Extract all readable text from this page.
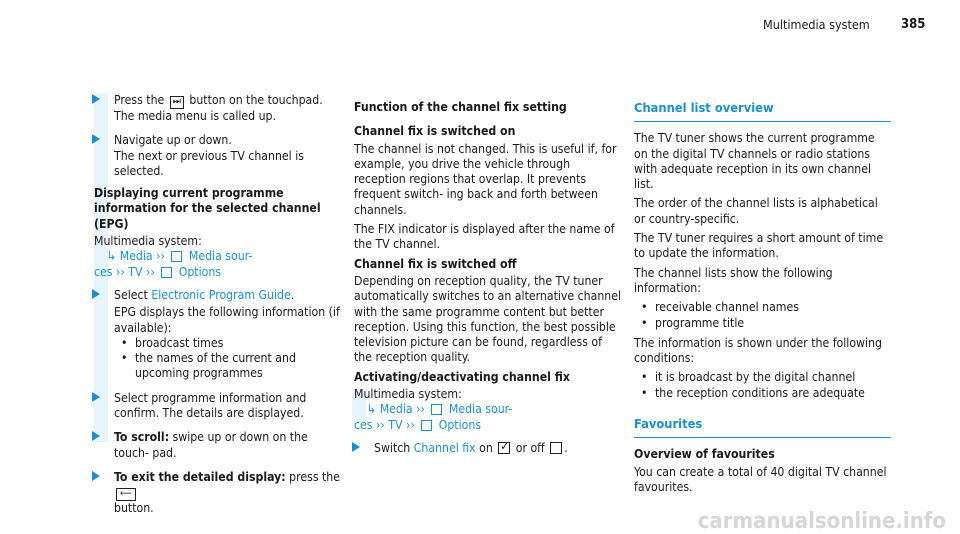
Multimedia system 385
Press the ⏭ button on the touchpad.
The media menu is called up.
Navigate up or down.
The next or previous TV channel is selected.
Displaying current programme information for the selected channel (EPG)
Multimedia system:
↳ Media ››  Media sour-
ces ›› TV ››  Options
Select Electronic Program Guide.
EPG displays the following information (if available):
• broadcast times
• the names of the current and upcoming programmes
Select programme information and confirm. The details are displayed.
To scroll: swipe up or down on the touch- pad.
To exit the detailed display: press the ⟵
button.
Function of the channel fix setting
Channel fix is switched on

The channel is not changed. This is useful if, for example, you drive the vehicle through reception regions that overlap. It prevents frequent switch- ing back and forth between channels.

The FIX indicator is displayed after the name of the TV channel.

Channel fix is switched off

Depending on reception quality, the TV tuner automatically switches to an alternative channel with the same programme content but better reception. Using this function, the best possible television picture can be found, regardless of the reception quality.

Activating/deactivating channel fix
Multimedia system:
↳ Media ››  Media sour-
ces ›› TV ››  Options
Switch Channel fix on ✓ or off .
Channel list overview

The TV tuner shows the current programme on the digital TV channels or radio stations with adequate reception in its own channel list.

The order of the channel lists is alphabetical or country-specific.

The TV tuner requires a short amount of time to update the information.

The channel lists show the following information:

• receivable channel names
• programme title

The information is shown under the following conditions:

• it is broadcast by the digital channel
• the reception conditions are adequate
Favourites
Overview of favourites

You can create a total of 40 digital TV channel favourites.

carmanualsonline.info
